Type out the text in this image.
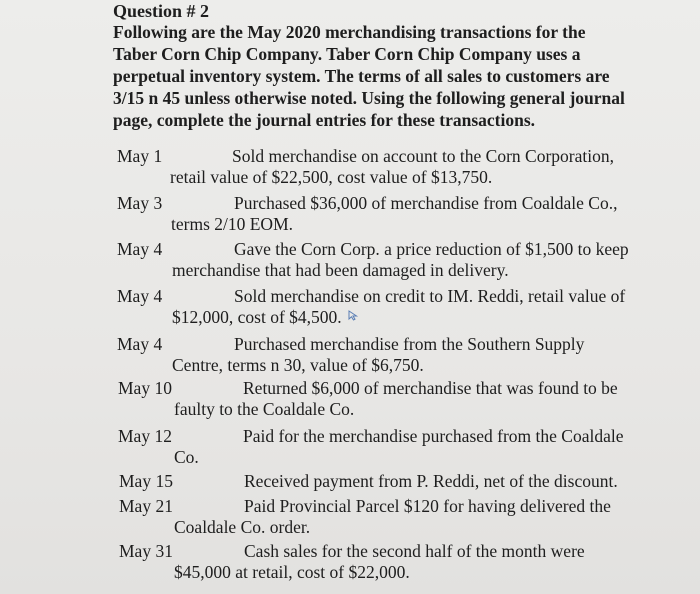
Question # 2
Following are the May 2020 merchandising transactions for the
Taber Corn Chip Company. Taber Corn Chip Company uses a
perpetual inventory system. The terms of all sales to customers are
3/15 n 45 unless otherwise noted. Using the following general journal
page, complete the journal entries for these transactions.
May 1	Sold merchandise on account to the Corn Corporation,
retail value of $22,500, cost value of $13,750.
May 3	Purchased $36,000 of merchandise from Coaldale Co.,
terms 2/10 EOM.
May 4	Gave the Corn Corp. a price reduction of $1,500 to keep
merchandise that had been damaged in delivery.
May 4	Sold merchandise on credit to IM. Reddi, retail value of
$12,000, cost of $4,500.
May 4	Purchased merchandise from the Southern Supply
Centre, terms n 30, value of $6,750.
May 10	Returned $6,000 of merchandise that was found to be
faulty to the Coaldale Co.
May 12	Paid for the merchandise purchased from the Coaldale
Co.
May 15	Received payment from P. Reddi, net of the discount.
May 21	Paid Provincial Parcel $120 for having delivered the
Coaldale Co. order.
May 31	Cash sales for the second half of the month were
$45,000 at retail, cost of $22,000.
